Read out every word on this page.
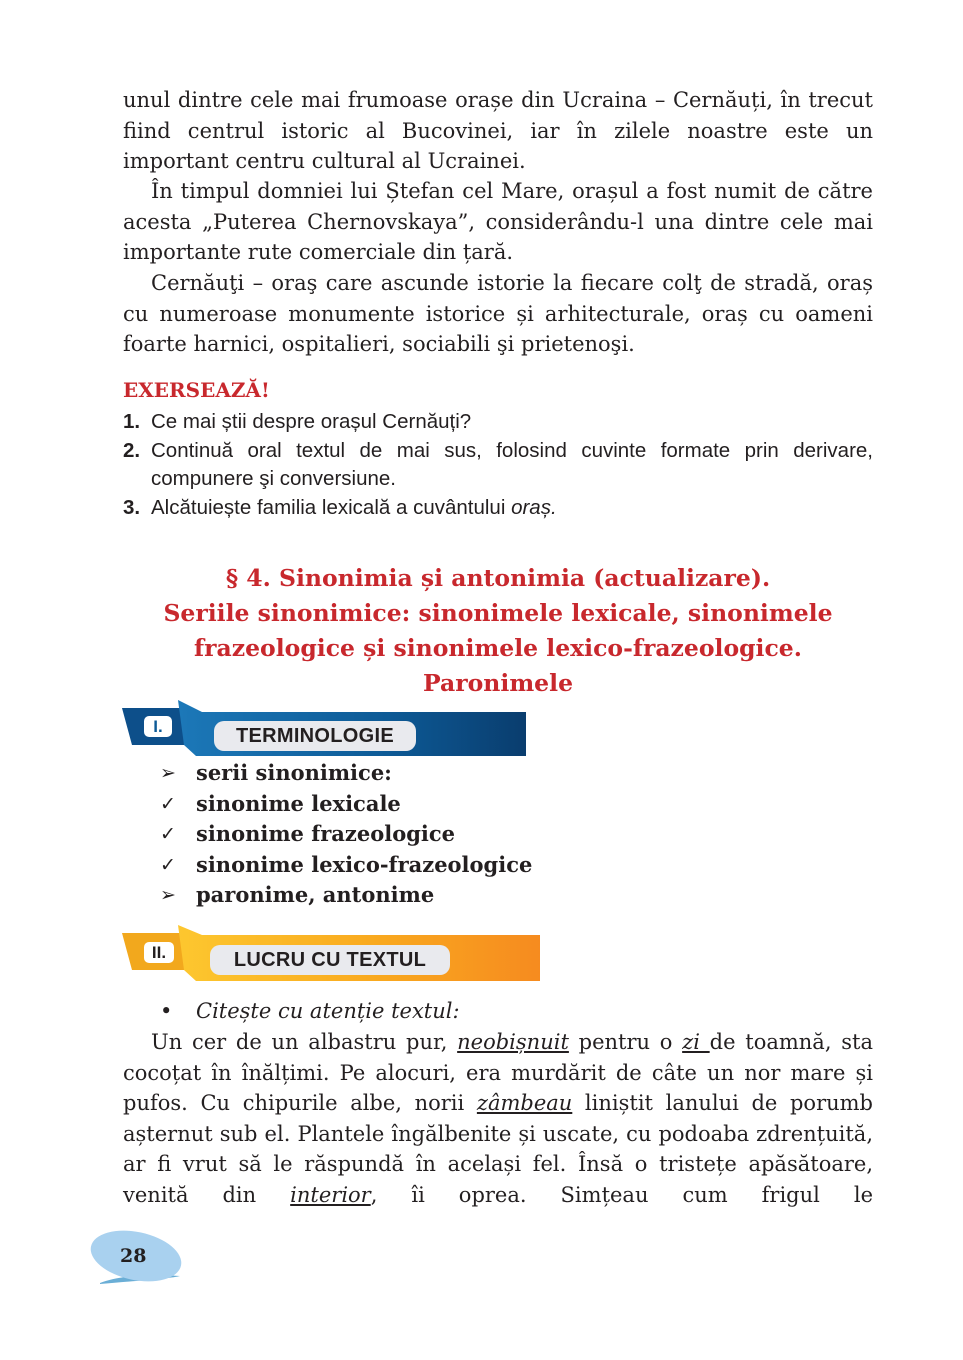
unul dintre cele mai frumoase orașe din Ucraina – Cernăuți, în trecut fiind centrul istoric al Bucovinei, iar în zilele noastre este un important centru cultural al Ucrainei.

În timpul domniei lui Ștefan cel Mare, orașul a fost numit de către acesta „Puterea Chernovskaya”, considerându-l una dintre cele mai importante rute comerciale din țară.

Cernăuţi – oraş care ascunde istorie la fiecare colţ de stradă, oraș cu numeroase monumente istorice și arhitecturale, oraș cu oameni foarte harnici, ospitalieri, sociabili şi prietenoşi.

EXERSEAZĂ!
1. Ce mai știi despre orașul Cernăuți?
2. Continuă oral textul de mai sus, folosind cuvinte formate prin derivare, compunere şi conversiune.
3. Alcătuiește familia lexicală a cuvântului oraș.
§ 4. Sinonimia și antonimia (actualizare).
Seriile sinonimice: sinonimele lexicale, sinonimele
frazeologice și sinonimele lexico-frazeologice.
Paronimele
I.	TERMINOLOGIE
➢ serii sinonimice:
✓ sinonime lexicale
✓ sinonime frazeologice
✓ sinonime lexico-frazeologice
➢ paronime, antonime
II.	LUCRU CU TEXTUL

• Citește cu atenție textul:

Un cer de un albastru pur, neobișnuit pentru o zi de toamnă, sta cocoțat în înălțimi. Pe alocuri, era murdărit de câte un nor mare și pufos. Cu chipurile albe, norii zâmbeau liniștit lanului de porumb așternut sub el. Plantele îngălbenite și uscate, cu podoaba zdrențuită, ar fi vrut să le răspundă în același fel. Însă o tristețe apăsătoare, venită din interior, îi oprea. Simțeau cum frigul le

28
